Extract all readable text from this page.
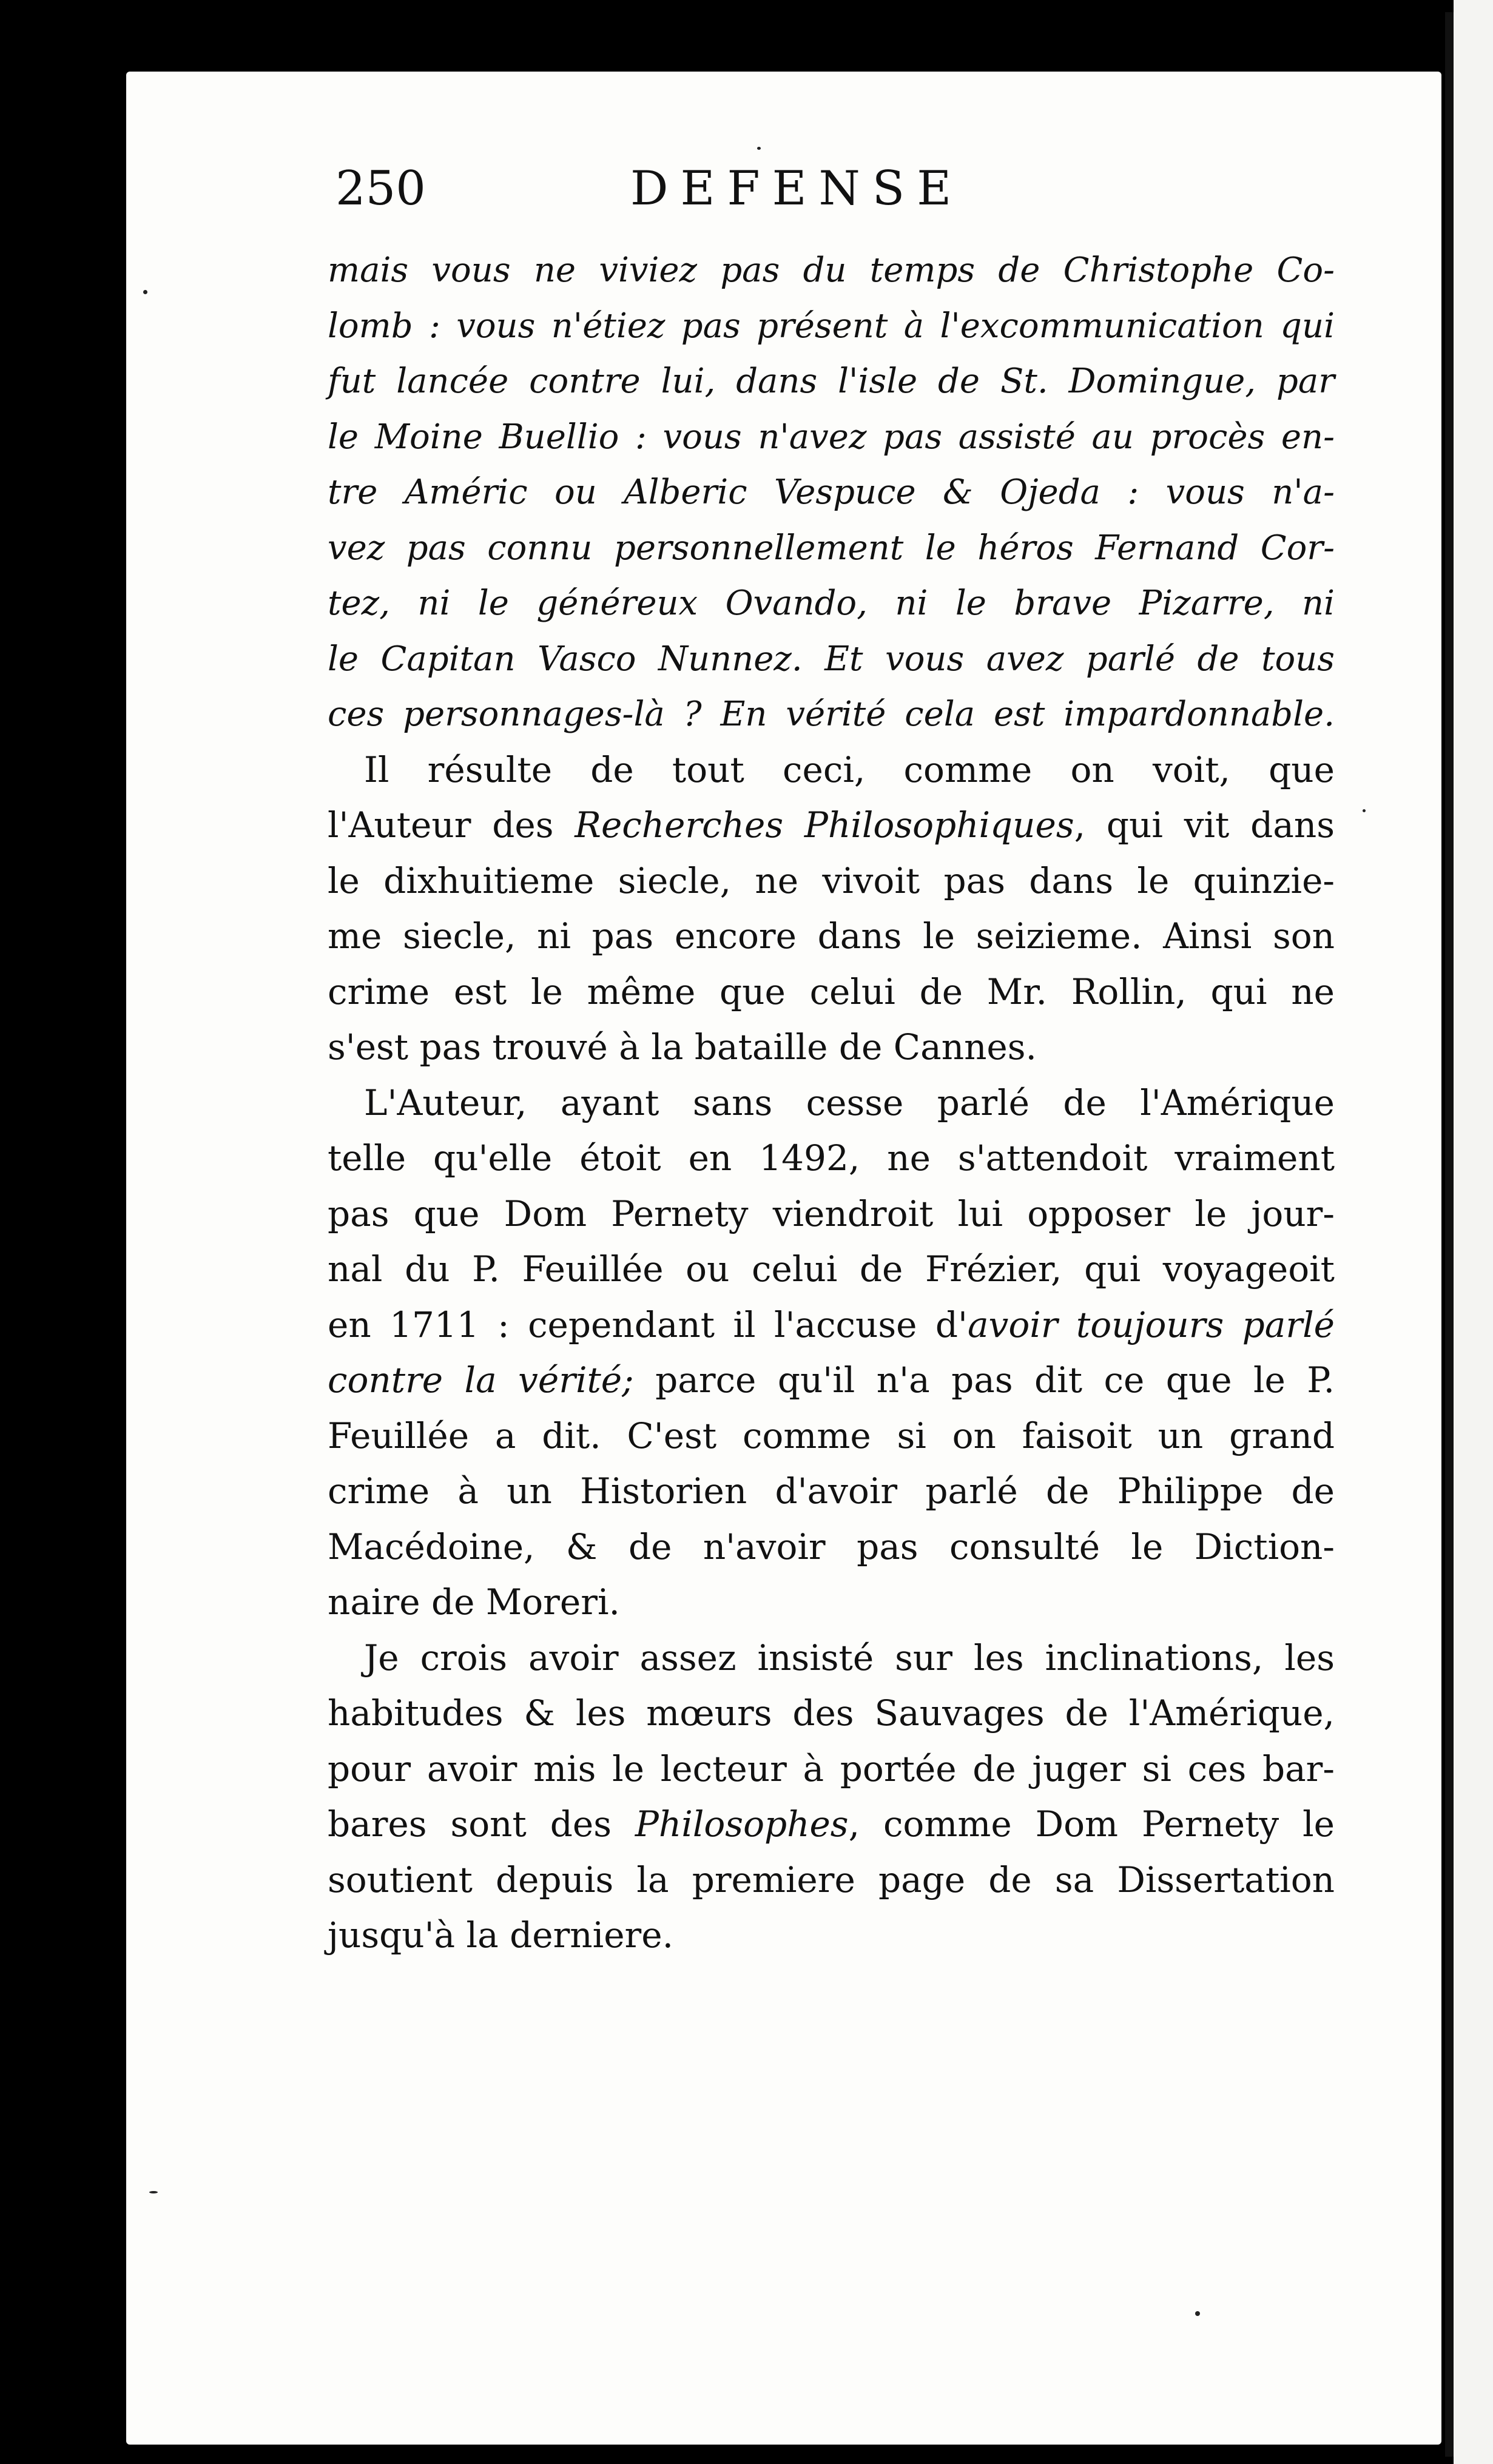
250	DEFENSE
mais vous ne viviez pas du temps de Christophe Co-
lomb : vous n'étiez pas présent à l'excommunication qui
fut lancée contre lui, dans l'isle de St. Domingue, par
le Moine Buellio : vous n'avez pas assisté au procès en-
tre Améric ou Alberic Vespuce & Ojeda : vous n'a-
vez pas connu personnellement le héros Fernand Cor-
tez, ni le généreux Ovando, ni le brave Pizarre, ni
le Capitan Vasco Nunnez. Et vous avez parlé de tous
ces personnages-là ? En vérité cela est impardonnable.
Il résulte de tout ceci, comme on voit, que
l'Auteur des Recherches Philosophiques, qui vit dans
le dixhuitieme siecle, ne vivoit pas dans le quinzie-
me siecle, ni pas encore dans le seizieme. Ainsi son
crime est le même que celui de Mr. Rollin, qui ne
s'est pas trouvé à la bataille de Cannes.
L'Auteur, ayant sans cesse parlé de l'Amérique
telle qu'elle étoit en 1492, ne s'attendoit vraiment
pas que Dom Pernety viendroit lui opposer le jour-
nal du P. Feuillée ou celui de Frézier, qui voyageoit
en 1711 : cependant il l'accuse d'avoir toujours parlé
contre la vérité; parce qu'il n'a pas dit ce que le P.
Feuillée a dit. C'est comme si on faisoit un grand
crime à un Historien d'avoir parlé de Philippe de
Macédoine, & de n'avoir pas consulté le Diction-
naire de Moreri.
Je crois avoir assez insisté sur les inclinations, les
habitudes & les mœurs des Sauvages de l'Amérique,
pour avoir mis le lecteur à portée de juger si ces bar-
bares sont des Philosophes, comme Dom Pernety le
soutient depuis la premiere page de sa Dissertation
jusqu'à la derniere.
